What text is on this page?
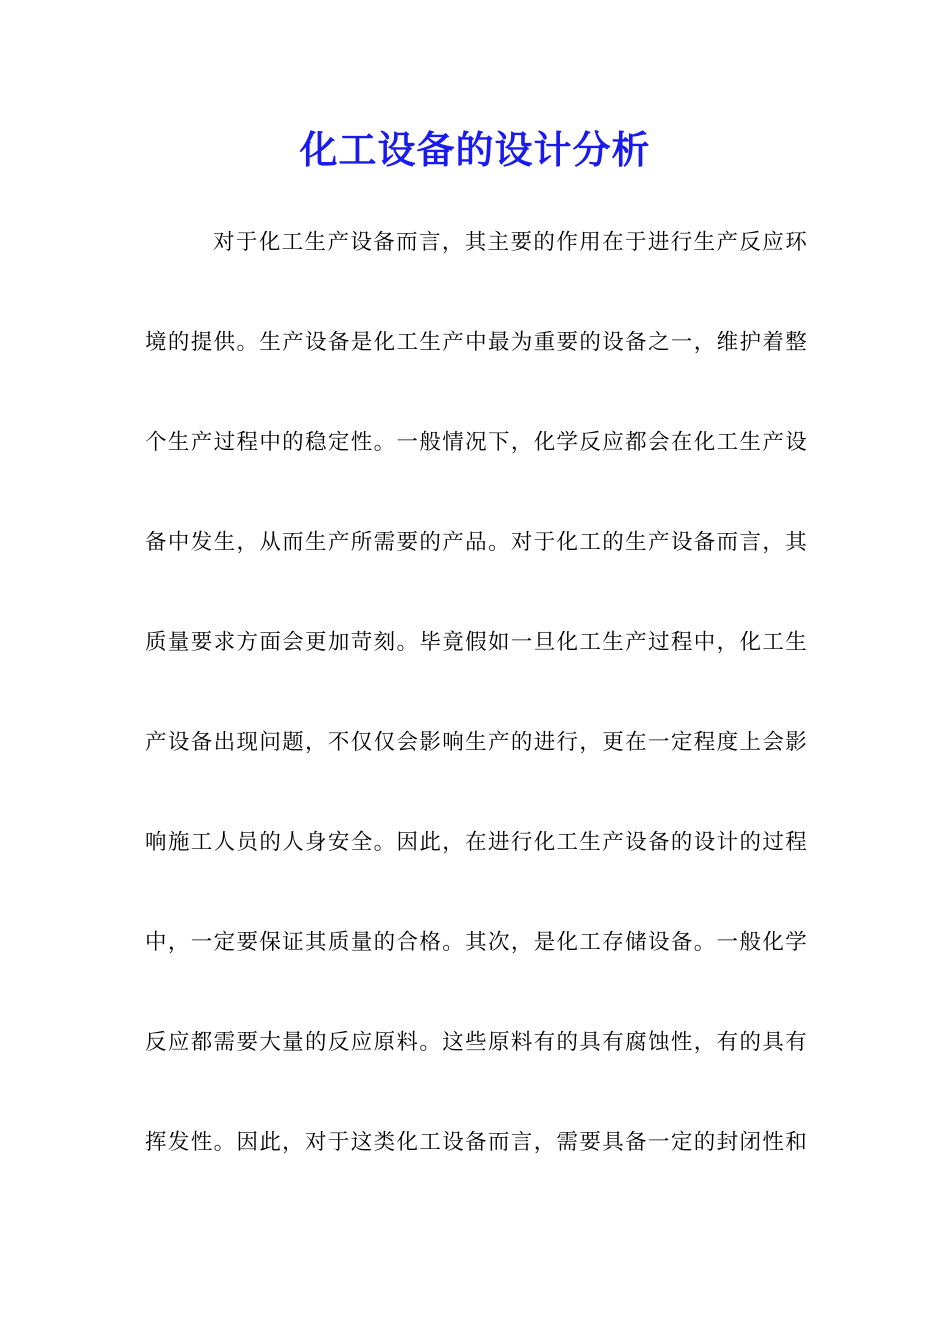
化工设备的设计分析
对于化工生产设备而言，其主要的作用在于进行生产反应环
境的提供。生产设备是化工生产中最为重要的设备之一，维护着整
个生产过程中的稳定性。一般情况下，化学反应都会在化工生产设
备中发生，从而生产所需要的产品。对于化工的生产设备而言，其
质量要求方面会更加苛刻。毕竟假如一旦化工生产过程中，化工生
产设备出现问题，不仅仅会影响生产的进行，更在一定程度上会影
响施工人员的人身安全。因此，在进行化工生产设备的设计的过程
中，一定要保证其质量的合格。其次，是化工存储设备。一般化学
反应都需要大量的反应原料。这些原料有的具有腐蚀性，有的具有
挥发性。因此，对于这类化工设备而言，需要具备一定的封闭性和
